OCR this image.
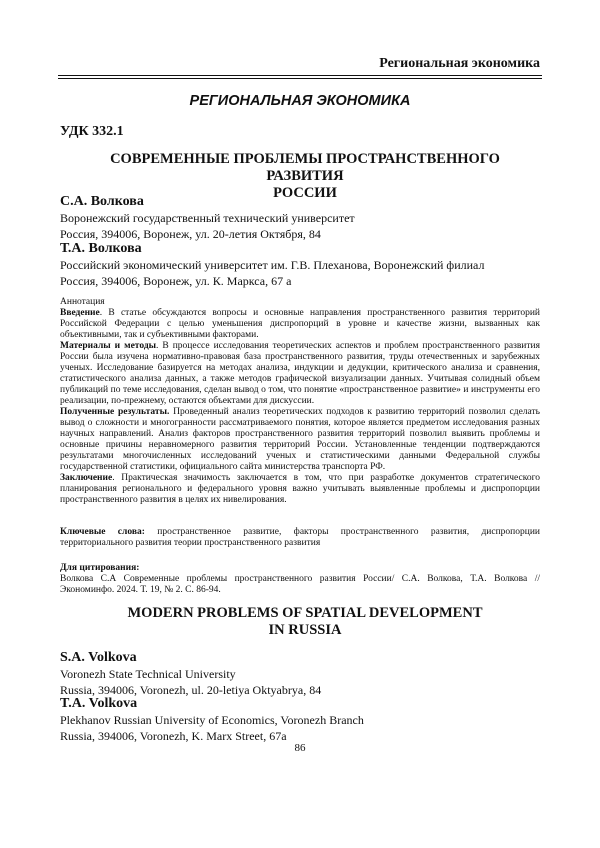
Региональная экономика

РЕГИОНАЛЬНАЯ ЭКОНОМИКА

УДК 332.1

СОВРЕМЕННЫЕ ПРОБЛЕМЫ ПРОСТРАНСТВЕННОГО РАЗВИТИЯ
РОССИИ

С.А. Волкова

Воронежский государственный технический университет
Россия, 394006, Воронеж, ул. 20-летия Октября, 84

Т.А. Волкова

Российский экономический университет им. Г.В. Плеханова, Воронежский филиал
Россия, 394006, Воронеж, ул. К. Маркса, 67 а
Аннотация
Введение. В статье обсуждаются вопросы и основные направления пространственного развития территорий Российской Федерации с целью уменьшения диспропорций в уровне и качестве жизни, вызванных как объективными, так и субъективными факторами.
Материалы и методы. В процессе исследования теоретических аспектов и проблем пространственного развития России была изучена нормативно-правовая база пространственного развития, труды отечественных и зарубежных ученых. Исследование базируется на методах анализа, индукции и дедукции, критического анализа и сравнения, статистического анализа данных, а также методов графической визуализации данных. Учитывая солидный объем публикаций по теме исследования, сделан вывод о том, что понятие «пространственное развитие» и инструменты его реализации, по-прежнему, остаются объектами для дискуссии.
Полученные результаты. Проведенный анализ теоретических подходов к развитию территорий позволил сделать вывод о сложности и многогранности рассматриваемого понятия, которое является предметом исследования разных научных направлений. Анализ факторов пространственного развития территорий позволил выявить проблемы и основные причины неравномерного развития территорий России. Установленные тенденции подтверждаются результатами многочисленных исследований ученых и статистическими данными Федеральной службы государственной статистики, официального сайта министерства транспорта РФ.
Заключение. Практическая значимость заключается в том, что при разработке документов стратегического планирования регионального и федерального уровня важно учитывать выявленные проблемы и диспропорции пространственного развития в целях их нивелирования.
Ключевые слова: пространственное развитие, факторы пространственного развития, диспропорции территориального развития теории пространственного развития
Для цитирования:
Волкова С.А Современные проблемы пространственного развития России/ С.А. Волкова, Т.А. Волкова // Экономинфо. 2024. Т. 19, № 2. С. 86-94.
MODERN PROBLEMS OF SPATIAL DEVELOPMENT
IN RUSSIA

S.A. Volkova

Voronezh State Technical University
Russia, 394006, Voronezh, ul. 20-letiya Oktyabrya, 84

T.A. Volkova

Plekhanov Russian University of Economics, Voronezh Branch
Russia, 394006, Voronezh, K. Marx Street, 67a

86
